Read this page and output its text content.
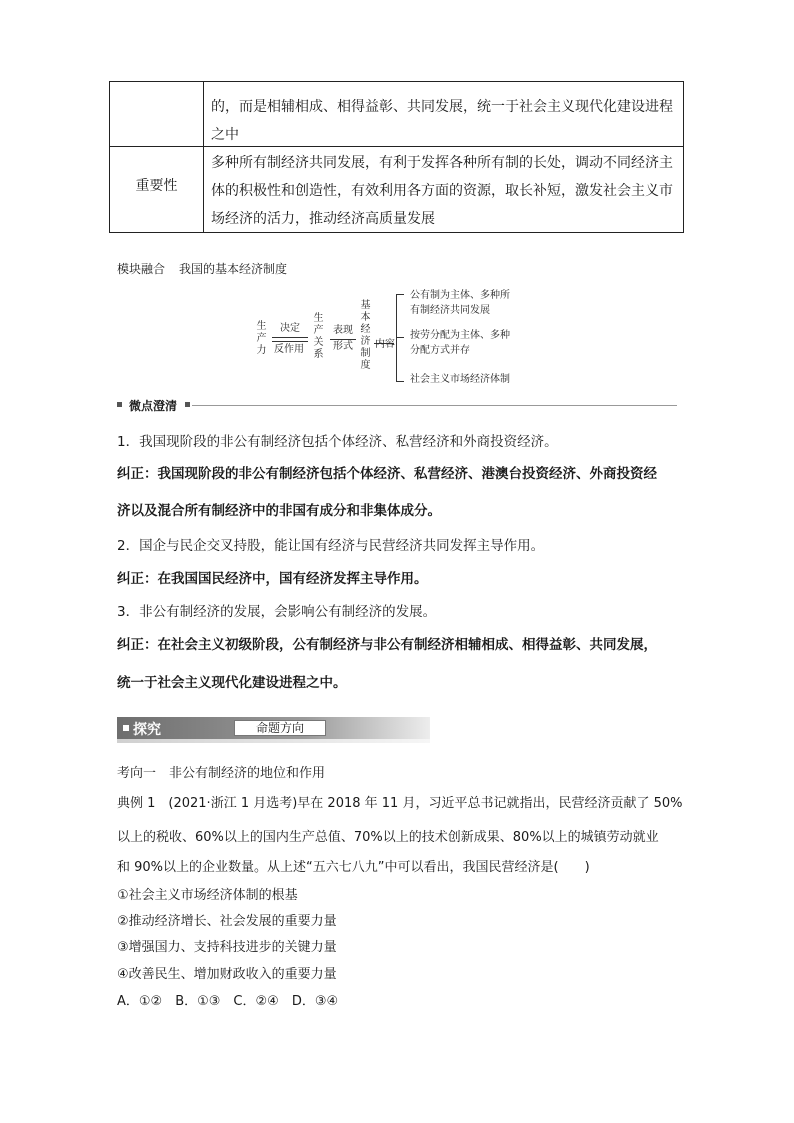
的，而是相辅相成、相得益彰、共同发展，统一于社会主义现代化建设进程
之中
重要性
多种所有制经济共同发展，有利于发挥各种所有制的长处，调动不同经济主
体的积极性和创造性，有效利用各方面的资源，取长补短，激发社会主义市
场经济的活力，推动经济高质量发展
模块融合 我国的基本经济制度
生产力
决定
反作用
生产关系
表现
形式
基本经济制度
内容
公有制为主体、多种所
有制经济共同发展
按劳分配为主体、多种
分配方式并存
社会主义市场经济体制
微点澄清
1．我国现阶段的非公有制经济包括个体经济、私营经济和外商投资经济。
纠正：我国现阶段的非公有制经济包括个体经济、私营经济、港澳台投资经济、外商投资经
济以及混合所有制经济中的非国有成分和非集体成分。
2．国企与民企交叉持股，能让国有经济与民营经济共同发挥主导作用。
纠正：在我国国民经济中，国有经济发挥主导作用。
3．非公有制经济的发展，会影响公有制经济的发展。
纠正：在社会主义初级阶段，公有制经济与非公有制经济相辅相成、相得益彰、共同发展，
统一于社会主义现代化建设进程之中。
探究	命题方向
考向一　非公有制经济的地位和作用
典例 1　(2021·浙江 1 月选考)早在 2018 年 11 月，习近平总书记就指出，民营经济贡献了 50%
以上的税收、60%以上的国内生产总值、70%以上的技术创新成果、80%以上的城镇劳动就业
和 90%以上的企业数量。从上述“五六七八九”中可以看出，我国民营经济是(　　)
①社会主义市场经济体制的根基
②推动经济增长、社会发展的重要力量
③增强国力、支持科技进步的关键力量
④改善民生、增加财政收入的重要力量
A．①②　B．①③　C．②④　D．③④
